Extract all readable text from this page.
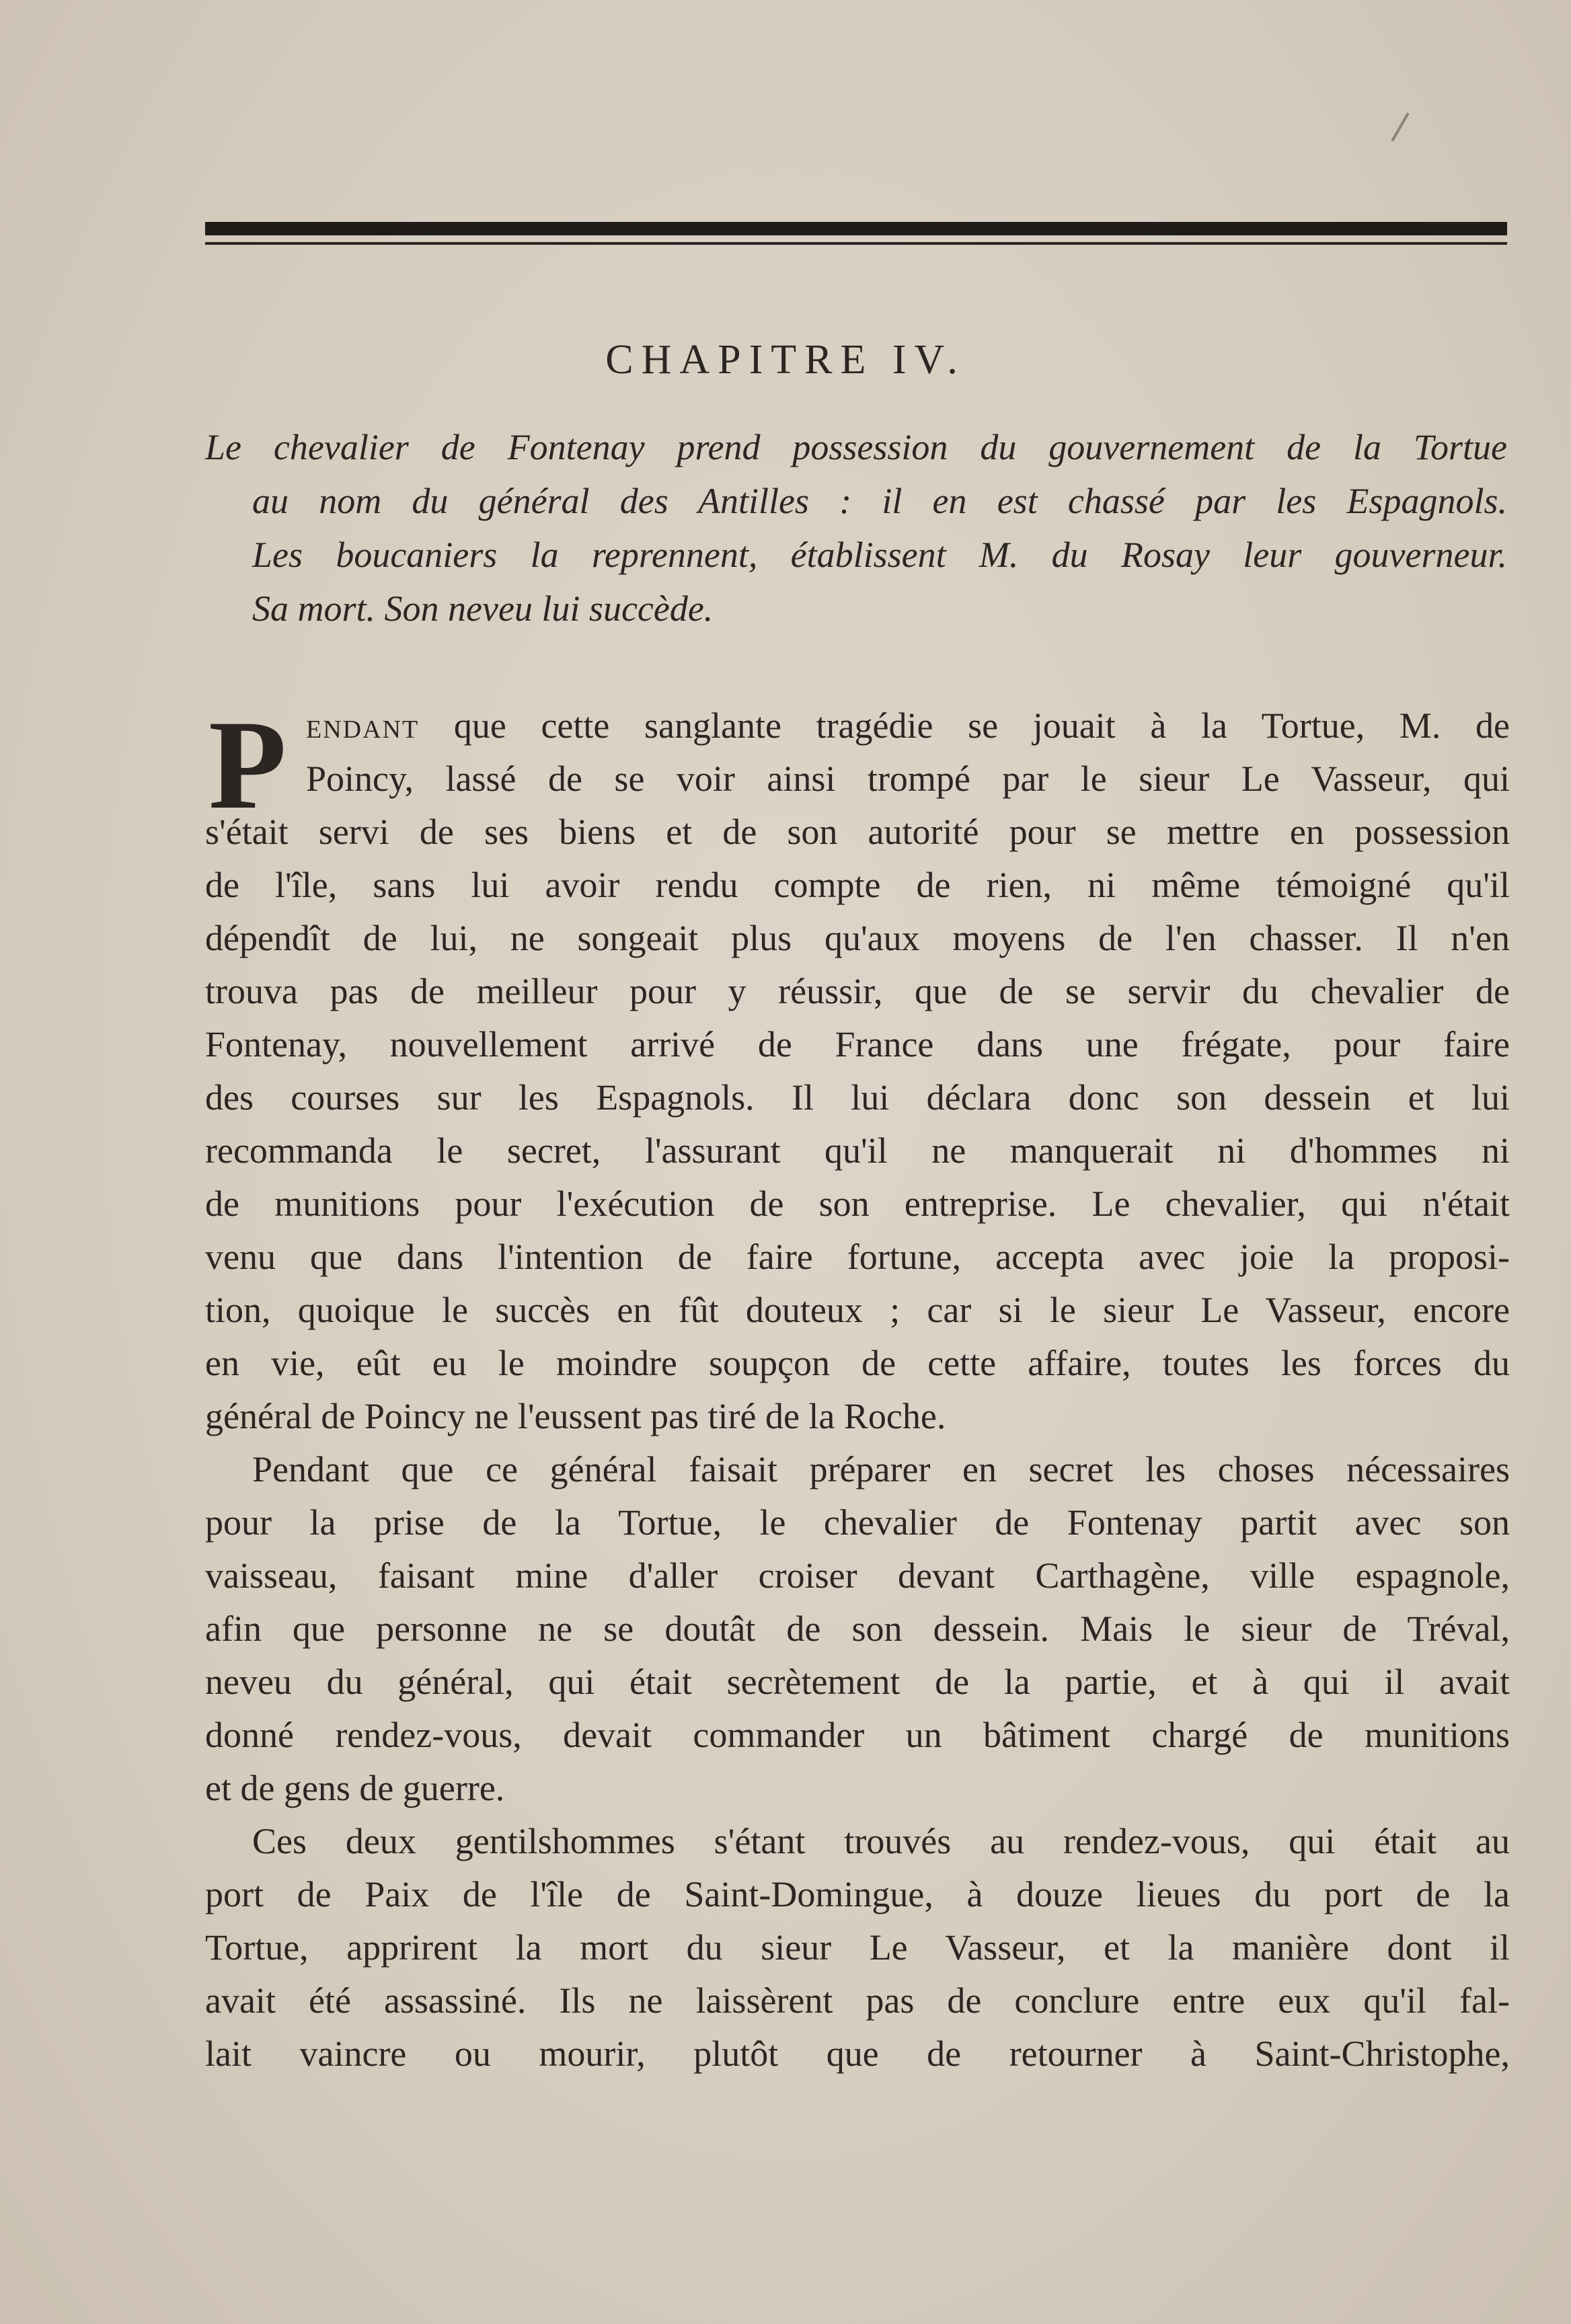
CHAPITRE IV.
Le chevalier de Fontenay prend possession du gouvernement de la Tortue
au nom du général des Antilles : il en est chassé par les Espagnols.
Les boucaniers la reprennent, établissent M. du Rosay leur gouverneur.
Sa mort. Son neveu lui succède.
P endant que cette sanglante tragédie se jouait à la Tortue, M. de
Poincy, lassé de se voir ainsi trompé par le sieur Le Vasseur, qui
s'était servi de ses biens et de son autorité pour se mettre en possession
de l'île, sans lui avoir rendu compte de rien, ni même témoigné qu'il
dépendît de lui, ne songeait plus qu'aux moyens de l'en chasser. Il n'en
trouva pas de meilleur pour y réussir, que de se servir du chevalier de
Fontenay, nouvellement arrivé de France dans une frégate, pour faire
des courses sur les Espagnols. Il lui déclara donc son dessein et lui
recommanda le secret, l'assurant qu'il ne manquerait ni d'hommes ni
de munitions pour l'exécution de son entreprise. Le chevalier, qui n'était
venu que dans l'intention de faire fortune, accepta avec joie la proposi-
tion, quoique le succès en fût douteux ; car si le sieur Le Vasseur, encore
en vie, eût eu le moindre soupçon de cette affaire, toutes les forces du
général de Poincy ne l'eussent pas tiré de la Roche.
Pendant que ce général faisait préparer en secret les choses nécessaires
pour la prise de la Tortue, le chevalier de Fontenay partit avec son
vaisseau, faisant mine d'aller croiser devant Carthagène, ville espagnole,
afin que personne ne se doutât de son dessein. Mais le sieur de Tréval,
neveu du général, qui était secrètement de la partie, et à qui il avait
donné rendez-vous, devait commander un bâtiment chargé de munitions
et de gens de guerre.
Ces deux gentilshommes s'étant trouvés au rendez-vous, qui était au
port de Paix de l'île de Saint-Domingue, à douze lieues du port de la
Tortue, apprirent la mort du sieur Le Vasseur, et la manière dont il
avait été assassiné. Ils ne laissèrent pas de conclure entre eux qu'il fal-
lait vaincre ou mourir, plutôt que de retourner à Saint-Christophe,
